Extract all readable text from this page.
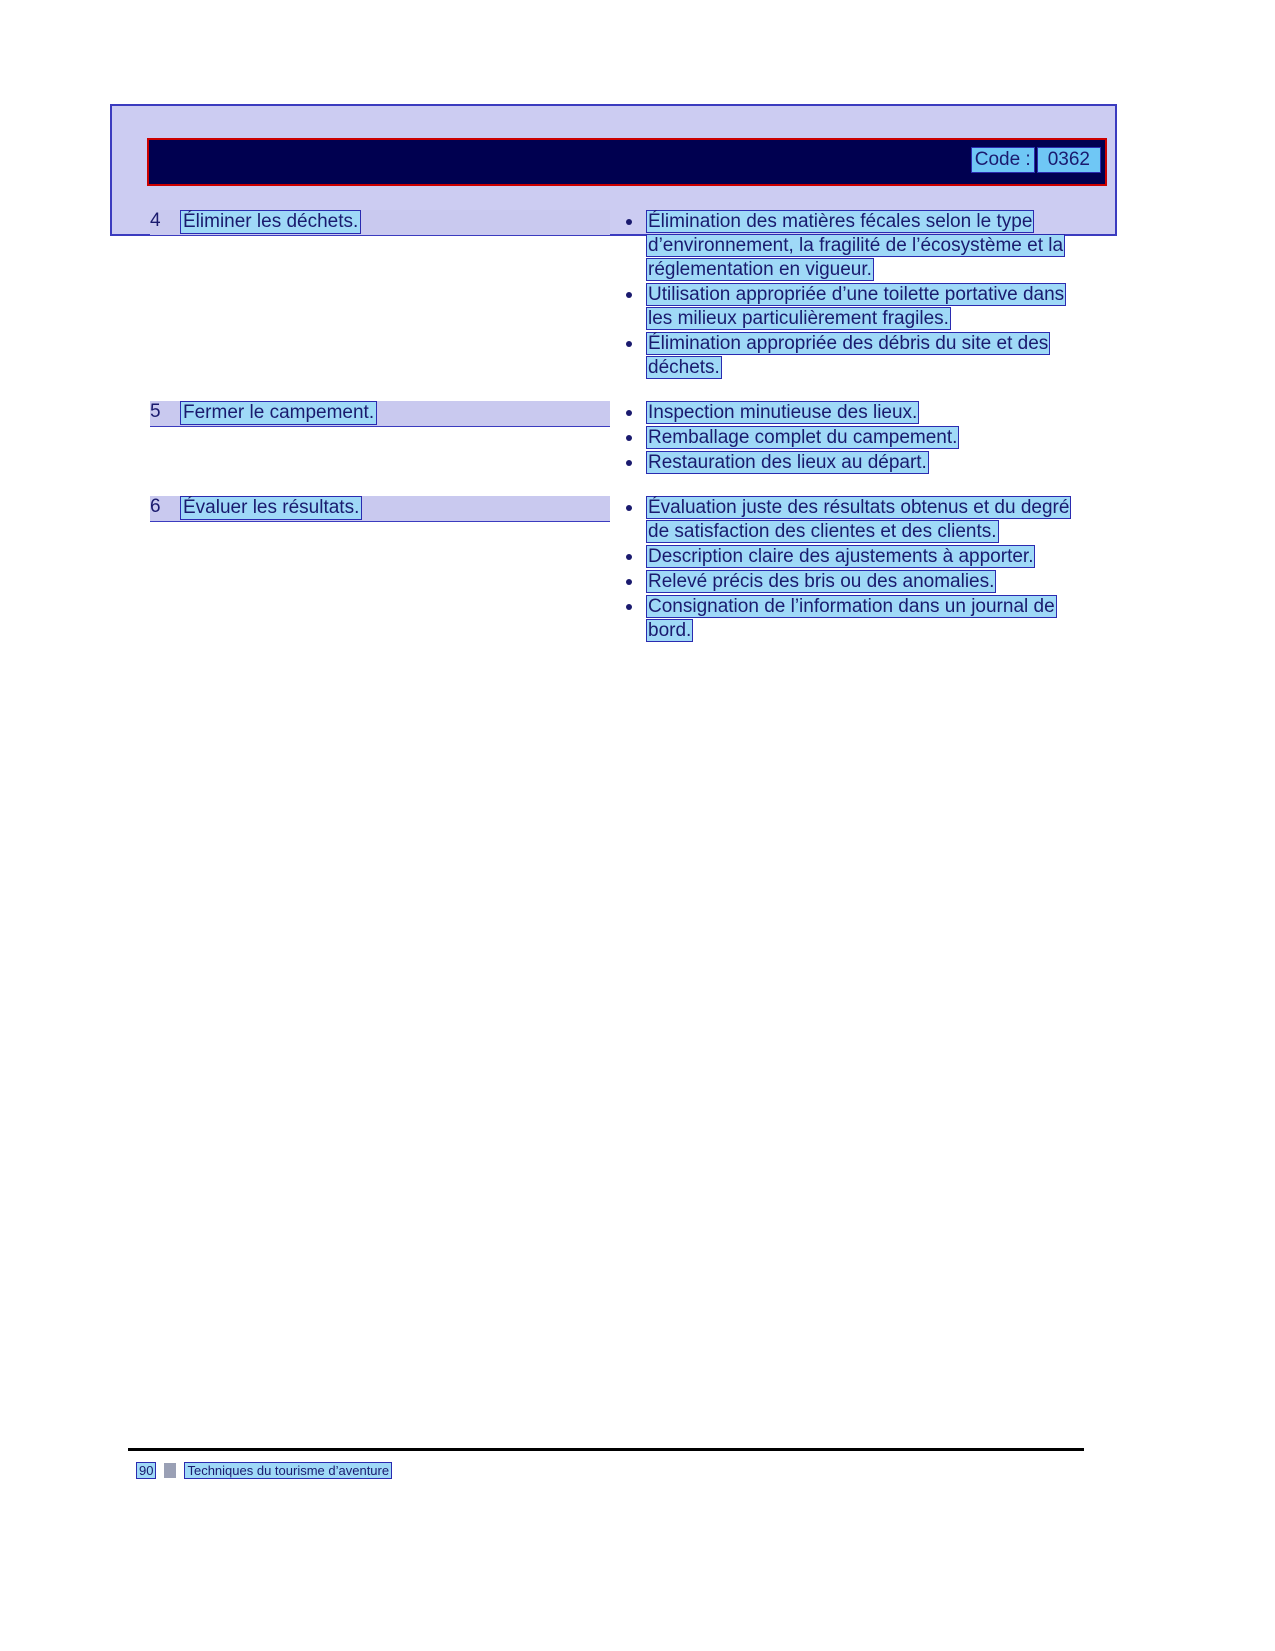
Code : 0362
4	Éliminer les déchets.	Élimination des matières fécales selon le type d’environnement, la fragilité de l’écosystème et la réglementation en vigueur.
Utilisation appropriée d’une toilette portative dans les milieux particulièrement fragiles.
Élimination appropriée des débris du site et des déchets.
5	Fermer le campement.	Inspection minutieuse des lieux.
Remballage complet du campement.
Restauration des lieux au départ.
6	Évaluer les résultats.	Évaluation juste des résultats obtenus et du degré de satisfaction des clientes et des clients.
Description claire des ajustements à apporter.
Relevé précis des bris ou des anomalies.
Consignation de l’information dans un journal de bord.
90	Techniques du tourisme d’aventure
